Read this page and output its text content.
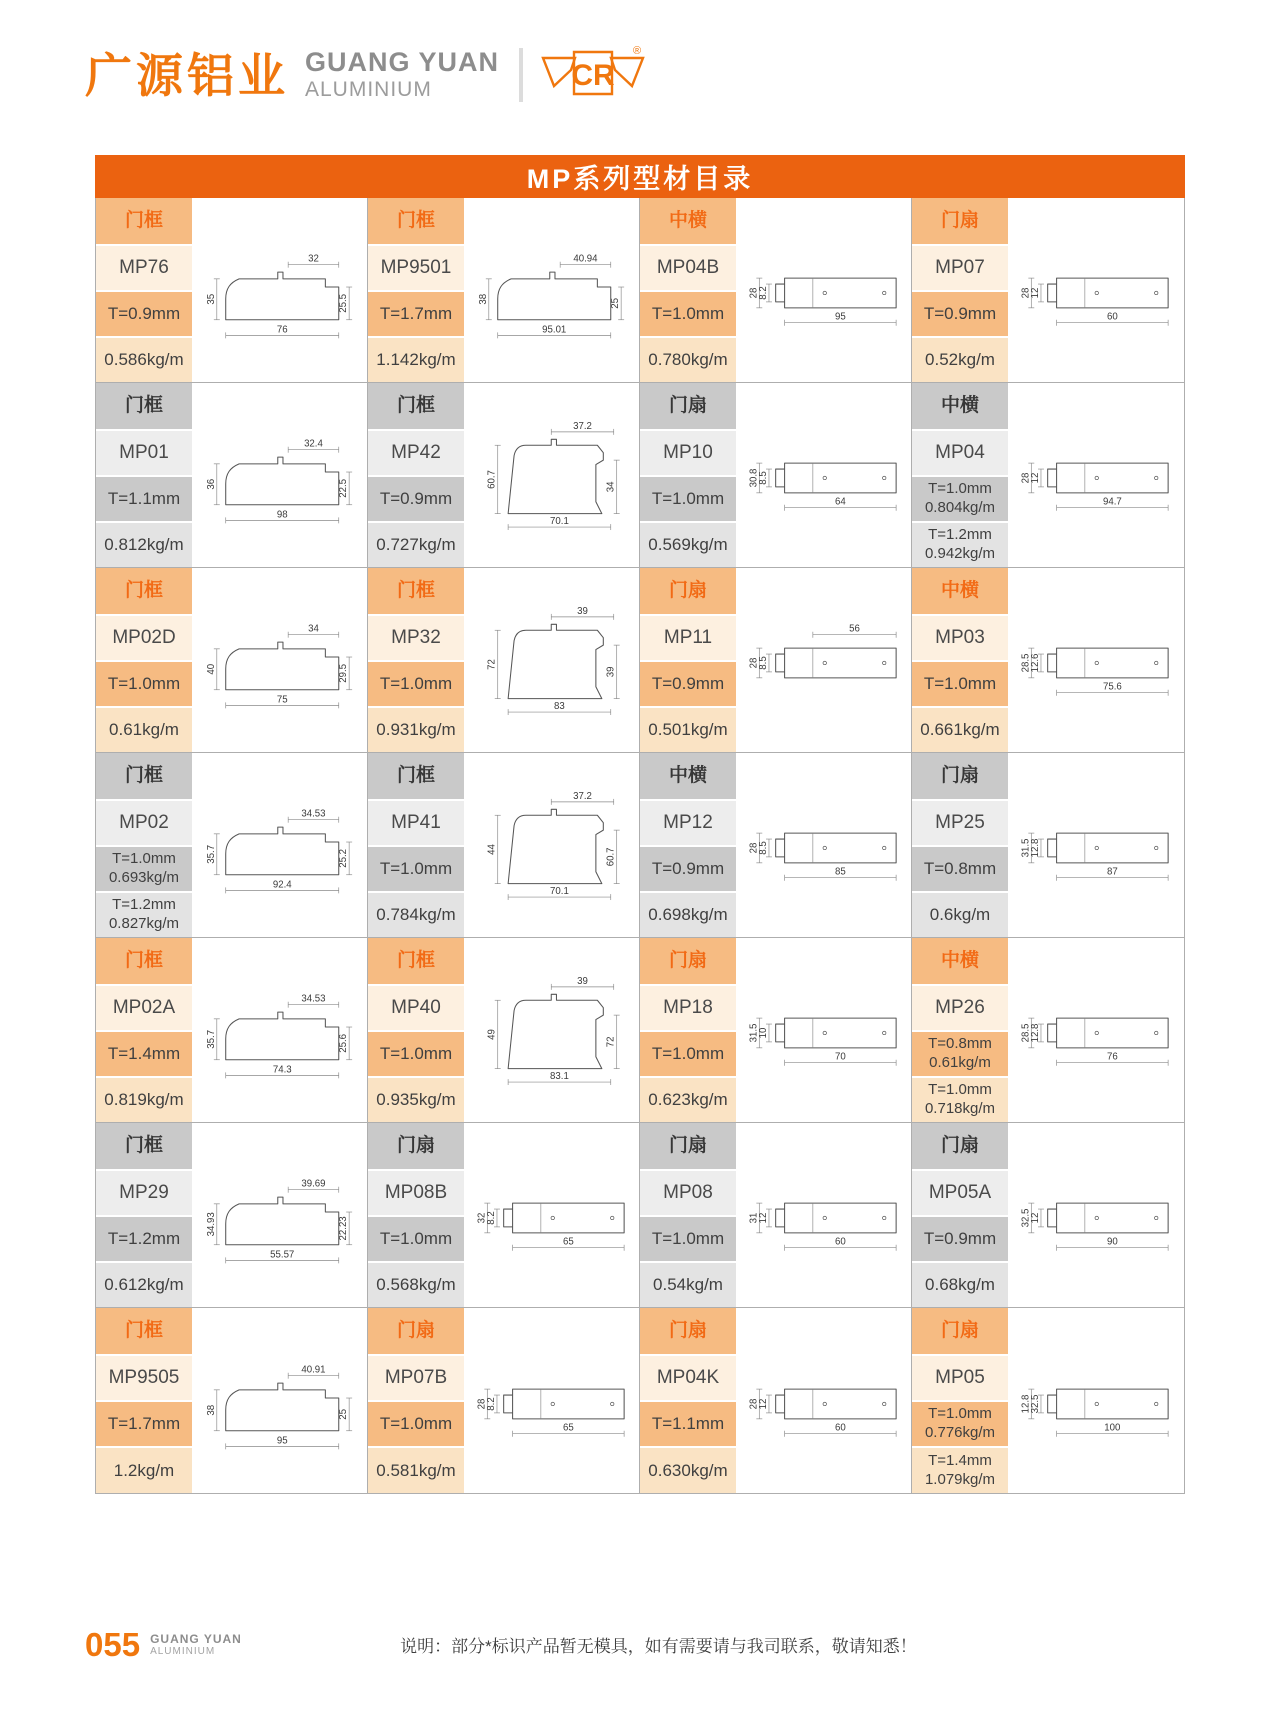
广源铝业 GUANG YUAN
ALUMINIUM	CR
®
MP系列型材目录
门框
MP76
T=0.9mm
0.586kg/m
32
35	25.5
76
门框
MP9501
T=1.7mm
1.142kg/m
40.94
38	25
95.01
中横
MP04B
T=1.0mm
0.780kg/m
28
8.2
95
门扇
MP07
T=0.9mm
0.52kg/m
28
12
60
门框
MP01
T=1.1mm
0.812kg/m
32.4
36	22.5
98
门框
MP42
T=0.9mm
0.727kg/m
37.2
60.7	34
70.1
门扇
MP10
T=1.0mm
0.569kg/m
30.8
8.5
64
中横
MP04
T=1.0mm
0.804kg/m
T=1.2mm
0.942kg/m
28
12
94.7
门框
MP02D
T=1.0mm
0.61kg/m
34
40	29.5
75
门框
MP32
T=1.0mm
0.931kg/m
39
72
39
83
门扇
MP11
T=0.9mm
0.501kg/m
56
28
8.5
中横
MP03
T=1.0mm
0.661kg/m
28.5
12.6
75.6
门框
MP02
T=1.0mm
0.693kg/m
T=1.2mm
0.827kg/m
34.53
35.7	25.2
92.4
门框
MP41
T=1.0mm
0.784kg/m
37.2
44	60.7
70.1
中横
MP12
T=0.9mm
0.698kg/m
28
8.5
85
门扇
MP25
T=0.8mm
0.6kg/m
31.5
12.8
87
门框
MP02A
T=1.4mm
0.819kg/m
34.53
35.7	25.6
74.3
门框
MP40
T=1.0mm
0.935kg/m
39
49
72
83.1
门扇
MP18
T=1.0mm
0.623kg/m
31.5
10
70
中横
MP26
T=0.8mm
0.61kg/m
T=1.0mm
0.718kg/m
28.5
12.8
76
门框
MP29
T=1.2mm
0.612kg/m
39.69
34.93	22.23
55.57
门扇
MP08B
T=1.0mm
0.568kg/m
32
8.2
65
门扇
MP08
T=1.0mm
0.54kg/m
31
12
60
门扇
MP05A
T=0.9mm
0.68kg/m
32.5
12
90
门框
MP9505
T=1.7mm
1.2kg/m
40.91
38	25
95
门扇
MP07B
T=1.0mm
0.581kg/m
28
8.2
65
门扇
MP04K
T=1.1mm
0.630kg/m
28
12
60
门扇
MP05
T=1.0mm
0.776kg/m
T=1.4mm
1.079kg/m
12.8
32.5
100
055 GUANG YUAN
ALUMINIUM	说明：部分*标识产品暂无模具，如有需要请与我司联系，敬请知悉！
